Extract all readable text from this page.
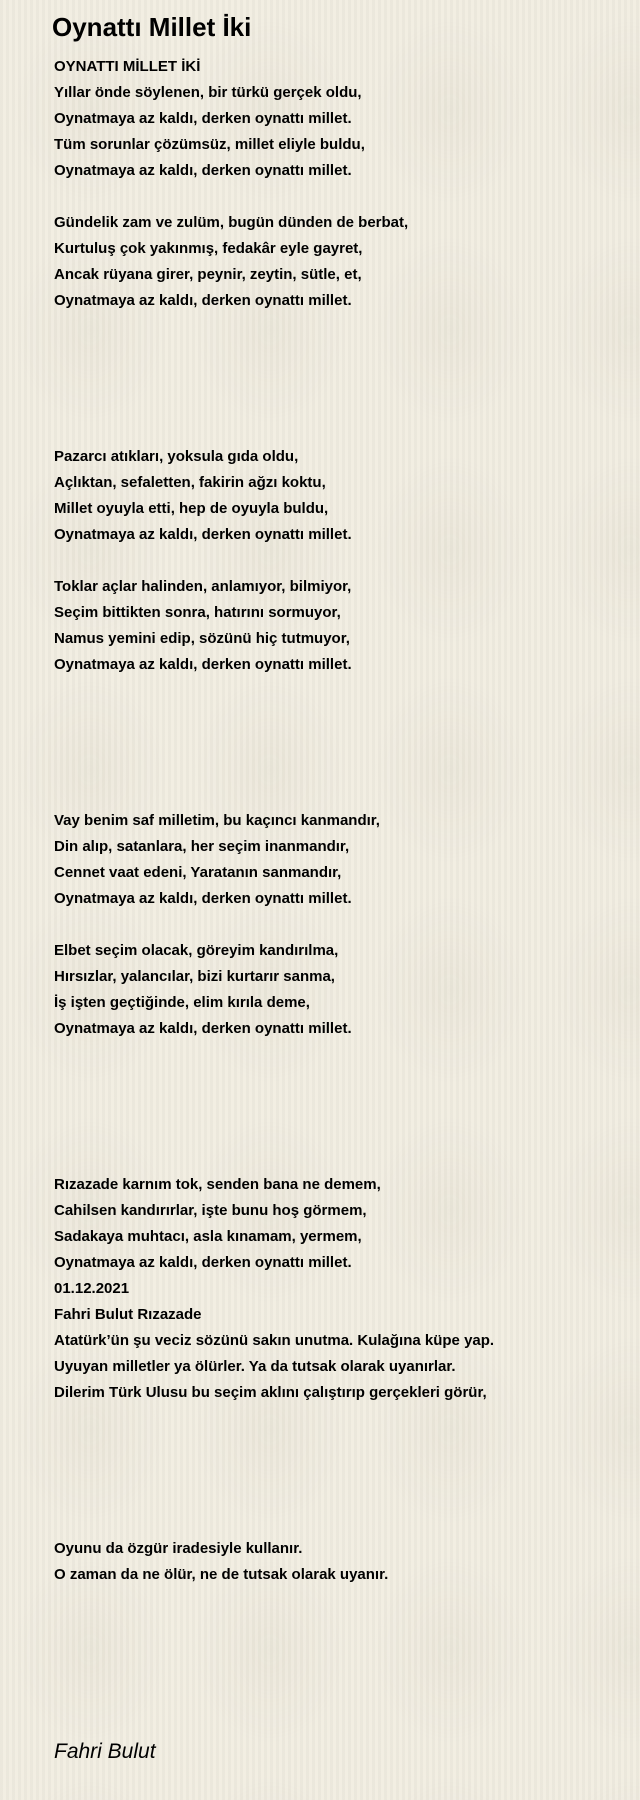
Oynattı Millet İki
OYNATTI MİLLET İKİ
Yıllar önde söylenen, bir türkü gerçek oldu,
Oynatmaya az kaldı, derken oynattı millet.
Tüm sorunlar çözümsüz, millet eliyle buldu,
Oynatmaya az kaldı, derken oynattı millet.
Gündelik zam ve zulüm, bugün dünden de berbat,
Kurtuluş çok yakınmış, fedakâr eyle gayret,
Ancak rüyana girer, peynir, zeytin, sütle, et,
Oynatmaya az kaldı, derken oynattı millet.
Pazarcı atıkları, yoksula gıda oldu,
Açlıktan, sefaletten, fakirin ağzı koktu,
Millet oyuyla etti, hep de oyuyla buldu,
Oynatmaya az kaldı, derken oynattı millet.
Toklar açlar halinden, anlamıyor, bilmiyor,
Seçim bittikten sonra, hatırını sormuyor,
Namus yemini edip, sözünü hiç tutmuyor,
Oynatmaya az kaldı, derken oynattı millet.
Vay benim saf milletim, bu kaçıncı kanmandır,
Din alıp, satanlara, her seçim inanmandır,
Cennet vaat edeni, Yaratanın sanmandır,
Oynatmaya az kaldı, derken oynattı millet.
Elbet seçim olacak, göreyim kandırılma,
Hırsızlar, yalancılar, bizi kurtarır sanma,
İş işten geçtiğinde, elim kırıla deme,
Oynatmaya az kaldı, derken oynattı millet.
Rızazade karnım tok, senden bana ne demem,
Cahilsen kandırırlar, işte bunu hoş görmem,
Sadakaya muhtacı, asla kınamam, yermem,
Oynatmaya az kaldı, derken oynattı millet.
01.12.2021
Fahri Bulut Rızazade
Atatürk’ün şu veciz sözünü sakın unutma. Kulağına küpe yap.
Uyuyan milletler ya ölürler. Ya da tutsak olarak uyanırlar.
Dilerim Türk Ulusu bu seçim aklını çalıştırıp gerçekleri görür,
Oyunu da özgür iradesiyle kullanır.
O zaman da ne ölür, ne de tutsak olarak uyanır.
Fahri Bulut
